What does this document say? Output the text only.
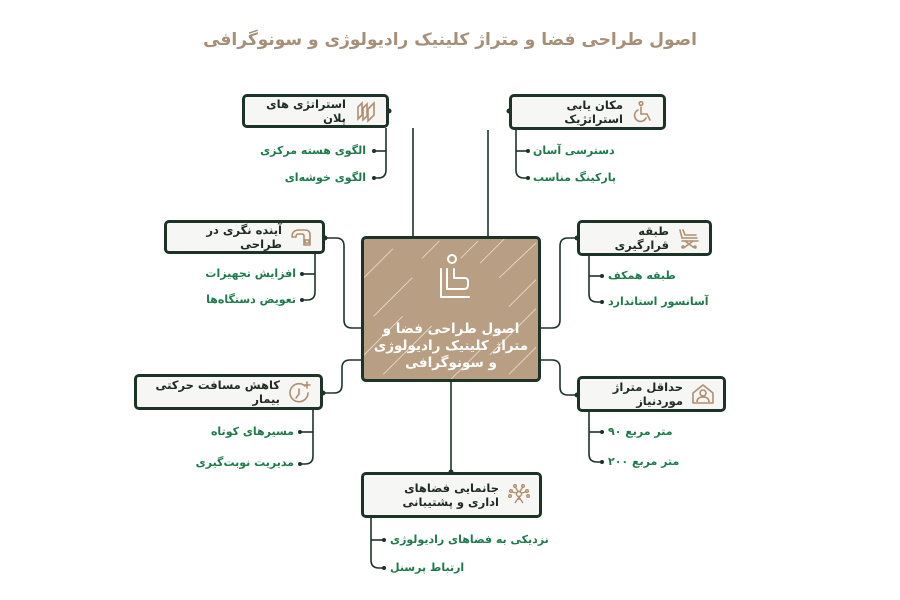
اصول طراحی فضا و متراژ کلینیک رادیولوژی و سونوگرافی
اصول طراحی فضا و متراژ کلینیک رادیولوژی و سونوگرافی
استراتژی های پلان
الگوی هسته مرکزی
الگوی خوشه‌ای
مکان یابی استراتژیک
دسترسی آسان
پارکینگ مناسب
آینده نگری در طراحی
افزایش تجهیزات
تعویض دستگاه‌ها
طبقه قرارگیری
طبقه همکف
آسانسور استاندارد
کاهش مسافت حرکتی بیمار
مسیرهای کوتاه
مدیریت نوبت‌گیری
حداقل متراژ موردنیاز
متر مربع ۹۰
متر مربع ۲۰۰
جانمایی فضاهای اداری و پشتیبانی
نزدیکی به فضاهای رادیولوژی
ارتباط پرسنل
